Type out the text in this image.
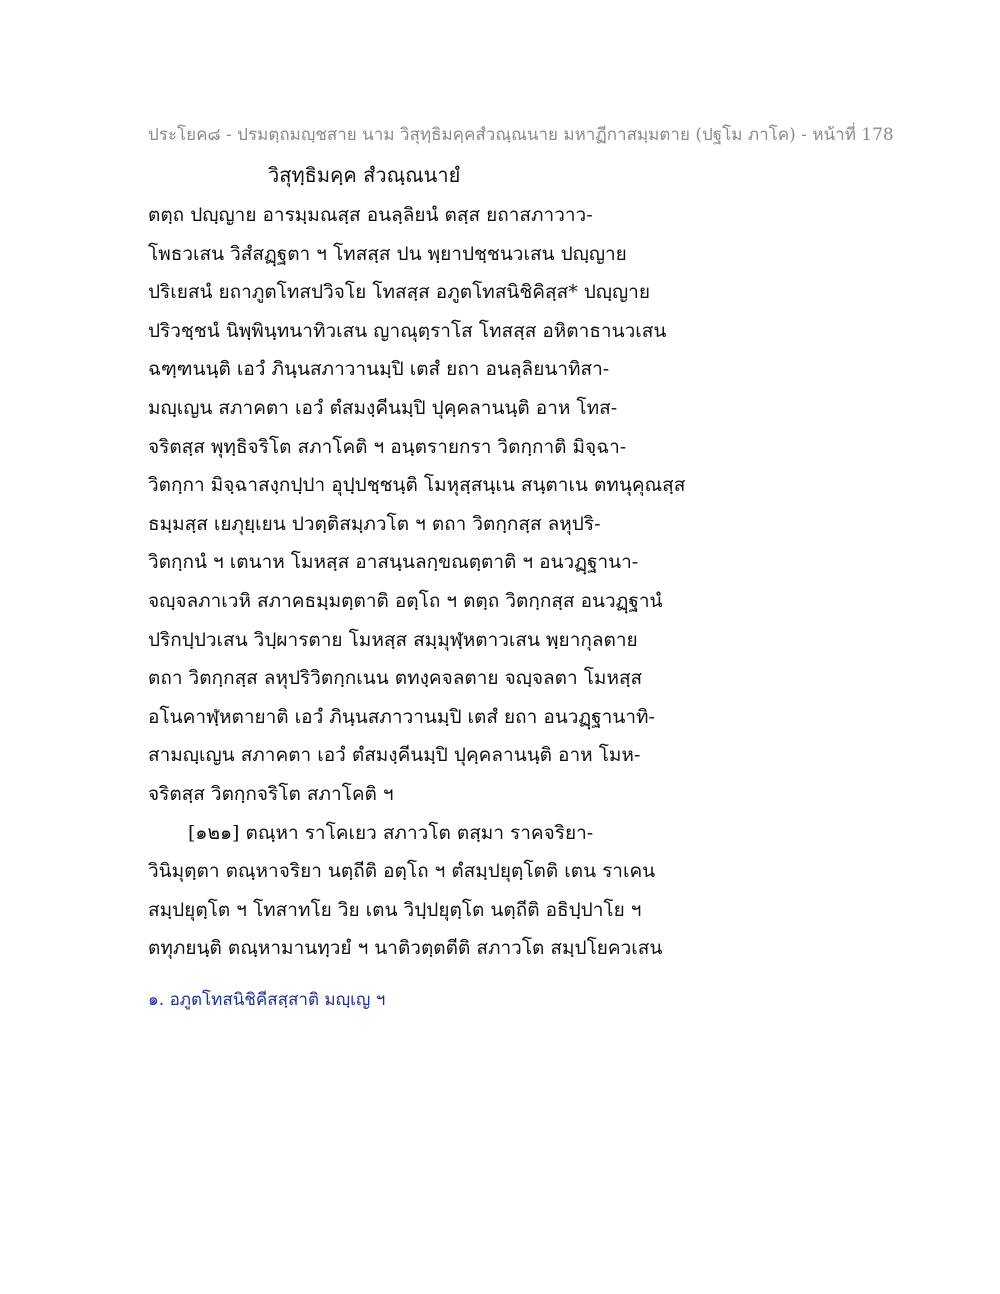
ประโยค๘ - ปรมตฺถมญฺชสาย นาม วิสุทฺธิมคฺคสํวณฺณนาย มหาฏีกาสมฺมตาย (ปฐโม ภาโค) - หน้าที่ 178
วิสุทฺธิมคฺค สํวณฺณนายํ
ตตฺถ ปญฺญาย อารมฺมณสฺส อนลฺลิยนํ ตสฺส ยถาสภาวาว-
โพธวเสน วิสํสฏฺฐตา ฯ โทสสฺส ปน พฺยาปชฺชนวเสน ปญฺญาย
ปริเยสนํ ยถาภูตโทสปวิจโย โทสสฺส อภูตโทสนิชิคิสฺส* ปญฺญาย
ปริวชฺชนํ นิพฺพินฺทนาทิวเสน ญาณุตฺราโส โทสสฺส อหิตาธานวเสน
ฉฑฺฑนนฺติ เอวํ ภินฺนสภาวานมฺปิ เตสํ ยถา อนลฺลิยนาทิสา-
มญฺเญน สภาคตา เอวํ ตํสมงฺคีนมฺปิ ปุคฺคลานนฺติ อาห โทส-
จริตสฺส พุทฺธิจริโต สภาโคติ ฯ อนฺตรายกรา วิตกฺกาติ มิจฺฉา-
วิตกฺกา มิจฺฉาสงฺกปฺปา อุปฺปชฺชนฺติ โมหุสฺสนฺเน สนฺตาเน ตทนุคุณสฺส
ธมฺมสฺส เยภุยฺเยน ปวตฺติสมฺภวโต ฯ ตถา วิตกฺกสฺส ลหุปริ-
วิตกฺกนํ ฯ เตนาห โมหสฺส อาสนฺนลกฺขณตฺตาติ ฯ อนวฏฺฐานา-
จญฺจลภาเวหิ สภาคธมฺมตฺตาติ อตฺโถ ฯ ตตฺถ วิตกฺกสฺส อนวฏฺฐานํ
ปริกปฺปวเสน วิปฺผารตาย โมหสฺส สมฺมุฬฺหตาวเสน พฺยากุลตาย
ตถา วิตกฺกสฺส ลหุปริวิตกฺกเนน ตทงฺคจลตาย จญฺจลตา โมหสฺส
อโนคาฬฺหตายาติ เอวํ ภินฺนสภาวานมฺปิ เตสํ ยถา อนวฏฺฐานาทิ-
สามญฺเญน สภาคตา เอวํ ตํสมงฺคีนมฺปิ ปุคฺคลานนฺติ อาห โมห-
จริตสฺส วิตกฺกจริโต สภาโคติ ฯ
[๑๒๑] ตณฺหา ราโคเยว สภาวโต ตสฺมา ราคจริยา-
วินิมุตฺตา ตณฺหาจริยา นตฺถีติ อตฺโถ ฯ ตํสมฺปยุตฺโตติ เตน ราเคน
สมฺปยุตฺโต ฯ โทสาทโย วิย เตน วิปฺปยุตฺโต นตฺถีติ อธิปฺปาโย ฯ
ตทุภยนฺติ ตณฺหามานทฺวยํ ฯ นาติวตฺตตีติ สภาวโต สมฺปโยควเสน
๑. อภูตโทสนิชิคีสสฺสาติ มญฺเญ ฯ
